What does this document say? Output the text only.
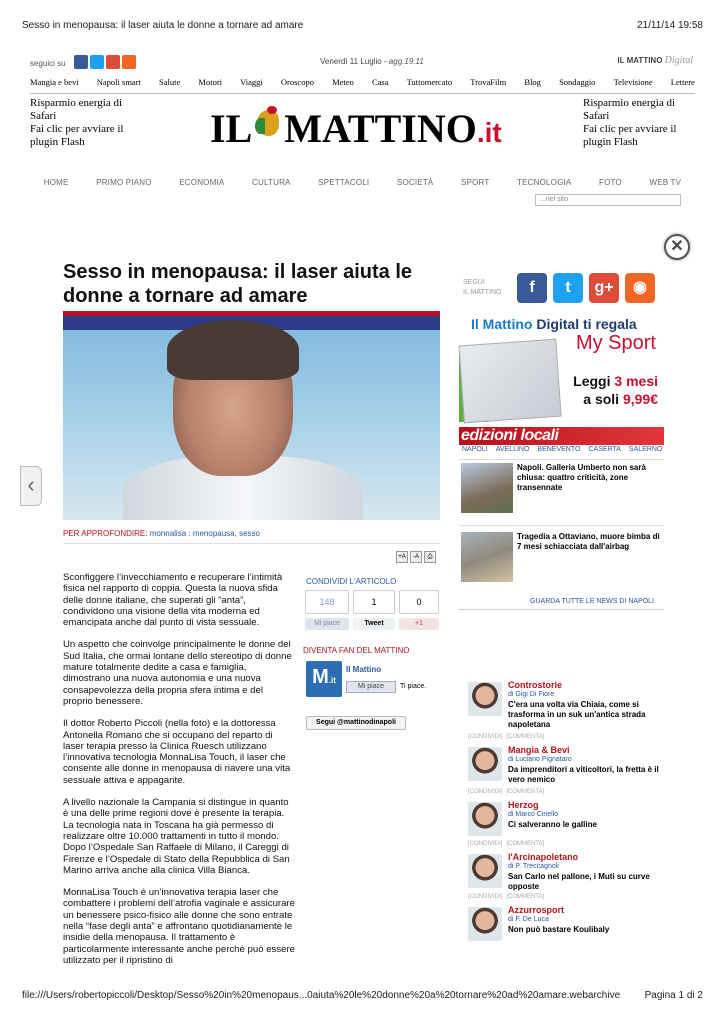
Sesso in menopausa: il laser aiuta le donne a tornare ad amare	21/11/14 19:58
seguici su	Venerdì 11 Luglio - agg.19:11	IL MATTINO Digital
Mangia e bevi Napoli smart Salute Motori Viaggi Oroscopo Meteo Casa Tuttomercato TrovaFilm Blog Sondaggio Televisione Lettere
Risparmio energia di
Safari
Fai clic per avviare il
plugin Flash
Risparmio energia di
Safari
Fai clic per avviare il
plugin Flash
IL MATTINO .it
HOME	PRIMO PIANO	ECONOMIA	CULTURA	SPETTACOLI	SOCIETÀ	SPORT	TECNOLOGIA	FOTO	WEB TV
...nel sito
✕
‹
Sesso in menopausa: il laser aiuta le donne a tornare ad amare
PER APPROFONDIRE: monnalisa : menopausa, sesso
+A	-A	⎙

Sconfiggere l’invecchiamento e recuperare l’intimità fisica nel rapporto di coppia. Questa la nuova sfida delle donne italiane, che superati gli “anta”, condividono una visione della vita moderna ed emancipata anche dal punto di vista sessuale.

Un aspetto che coinvolge principalmente le donne del Sud Italia, che ormai lontane dello stereotipo di donne mature totalmente dedite a casa e famiglia, dimostrano una nuova autonomia e una nuova consapevolezza della propria sfera intima e del proprio benessere.

Il dottor Roberto Piccoli (nella foto) e la dottoressa Antonella Romano che si occupano del reparto di laser terapia presso la Clinica Ruesch utilizzano l’innovativa tecnologia MonnaLisa Touch, il laser che consente alle donne in menopausa di riavere una vita sessuale attiva e appagante.

A livello nazionale la Campania si distingue in quanto è una delle prime regioni dove è presente la terapia. La tecnologia nata in Toscana ha già permesso di realizzare oltre 10.000 trattamenti in tutto il mondo. Dopo l’Ospedale San Raffaele di Milano, il Careggi di Firenze e l’Ospedale di Stato della Repubblica di San Marino arriva anche alla clinica Villa Bianca.

MonnaLisa Touch è un’innovativa terapia laser che combattere i problemi dell’atrofia vaginale e assicurare un benessere psico-fisico alle donne che sono entrate nella “fase degli anta” e affrontano quotidianamente le insidie della menopausa. Il trattamento è particolarmente interessante anche perché può essere utilizzato per il ripristino di

CONDIVIDI L'ARTICOLO
148	1	0
Mi piace	Tweet	+1
DIVENTA FAN DEL MATTINO
M.it
Il Mattino
Mi piace	Ti piace.
Segui @mattinodinapoli
SEGUI
IL MATTINO	f	t	g+	◉
Il Mattino Digital ti regala
My Sport
Leggi 3 mesi
a soli 9,99€
edizioni locali
NAPOLI AVELLINO BENEVENTO CASERTA SALERNO
Napoli. Galleria Umberto non sarà chiusa: quattro criticità, zone transennate
Tragedia a Ottaviano, muore bimba di 7 mesi schiacciata dall'airbag
GUARDA TUTTE LE NEWS DI NAPOLI
Controstorie
di Gigi Di Fiore
C'era una volta via Chiaia, come si trasforma in un suk un'antica strada napoletana
[CONDIVIDI] [COMMENTA]
Mangia & Bevi
di Luciano Pignataro
Da imprenditori a viticoltori, la fretta è il vero nemico
[CONDIVIDI] [COMMENTA]
Herzog
di Marco Ciriello
Ci salveranno le galline
[CONDIVIDI] [COMMENTA]
l'Arcinapoletano
di P. Treccagnoli
San Carlo nel pallone, i Muti su curve opposte
[CONDIVIDI] [COMMENTA]
Azzurrosport
di F. De Luca
Non può bastare Koulibaly
file:///Users/robertopiccoli/Desktop/Sesso%20in%20menopaus...0aiuta%20le%20donne%20a%20tornare%20ad%20amare.webarchive Pagina 1 di 2
